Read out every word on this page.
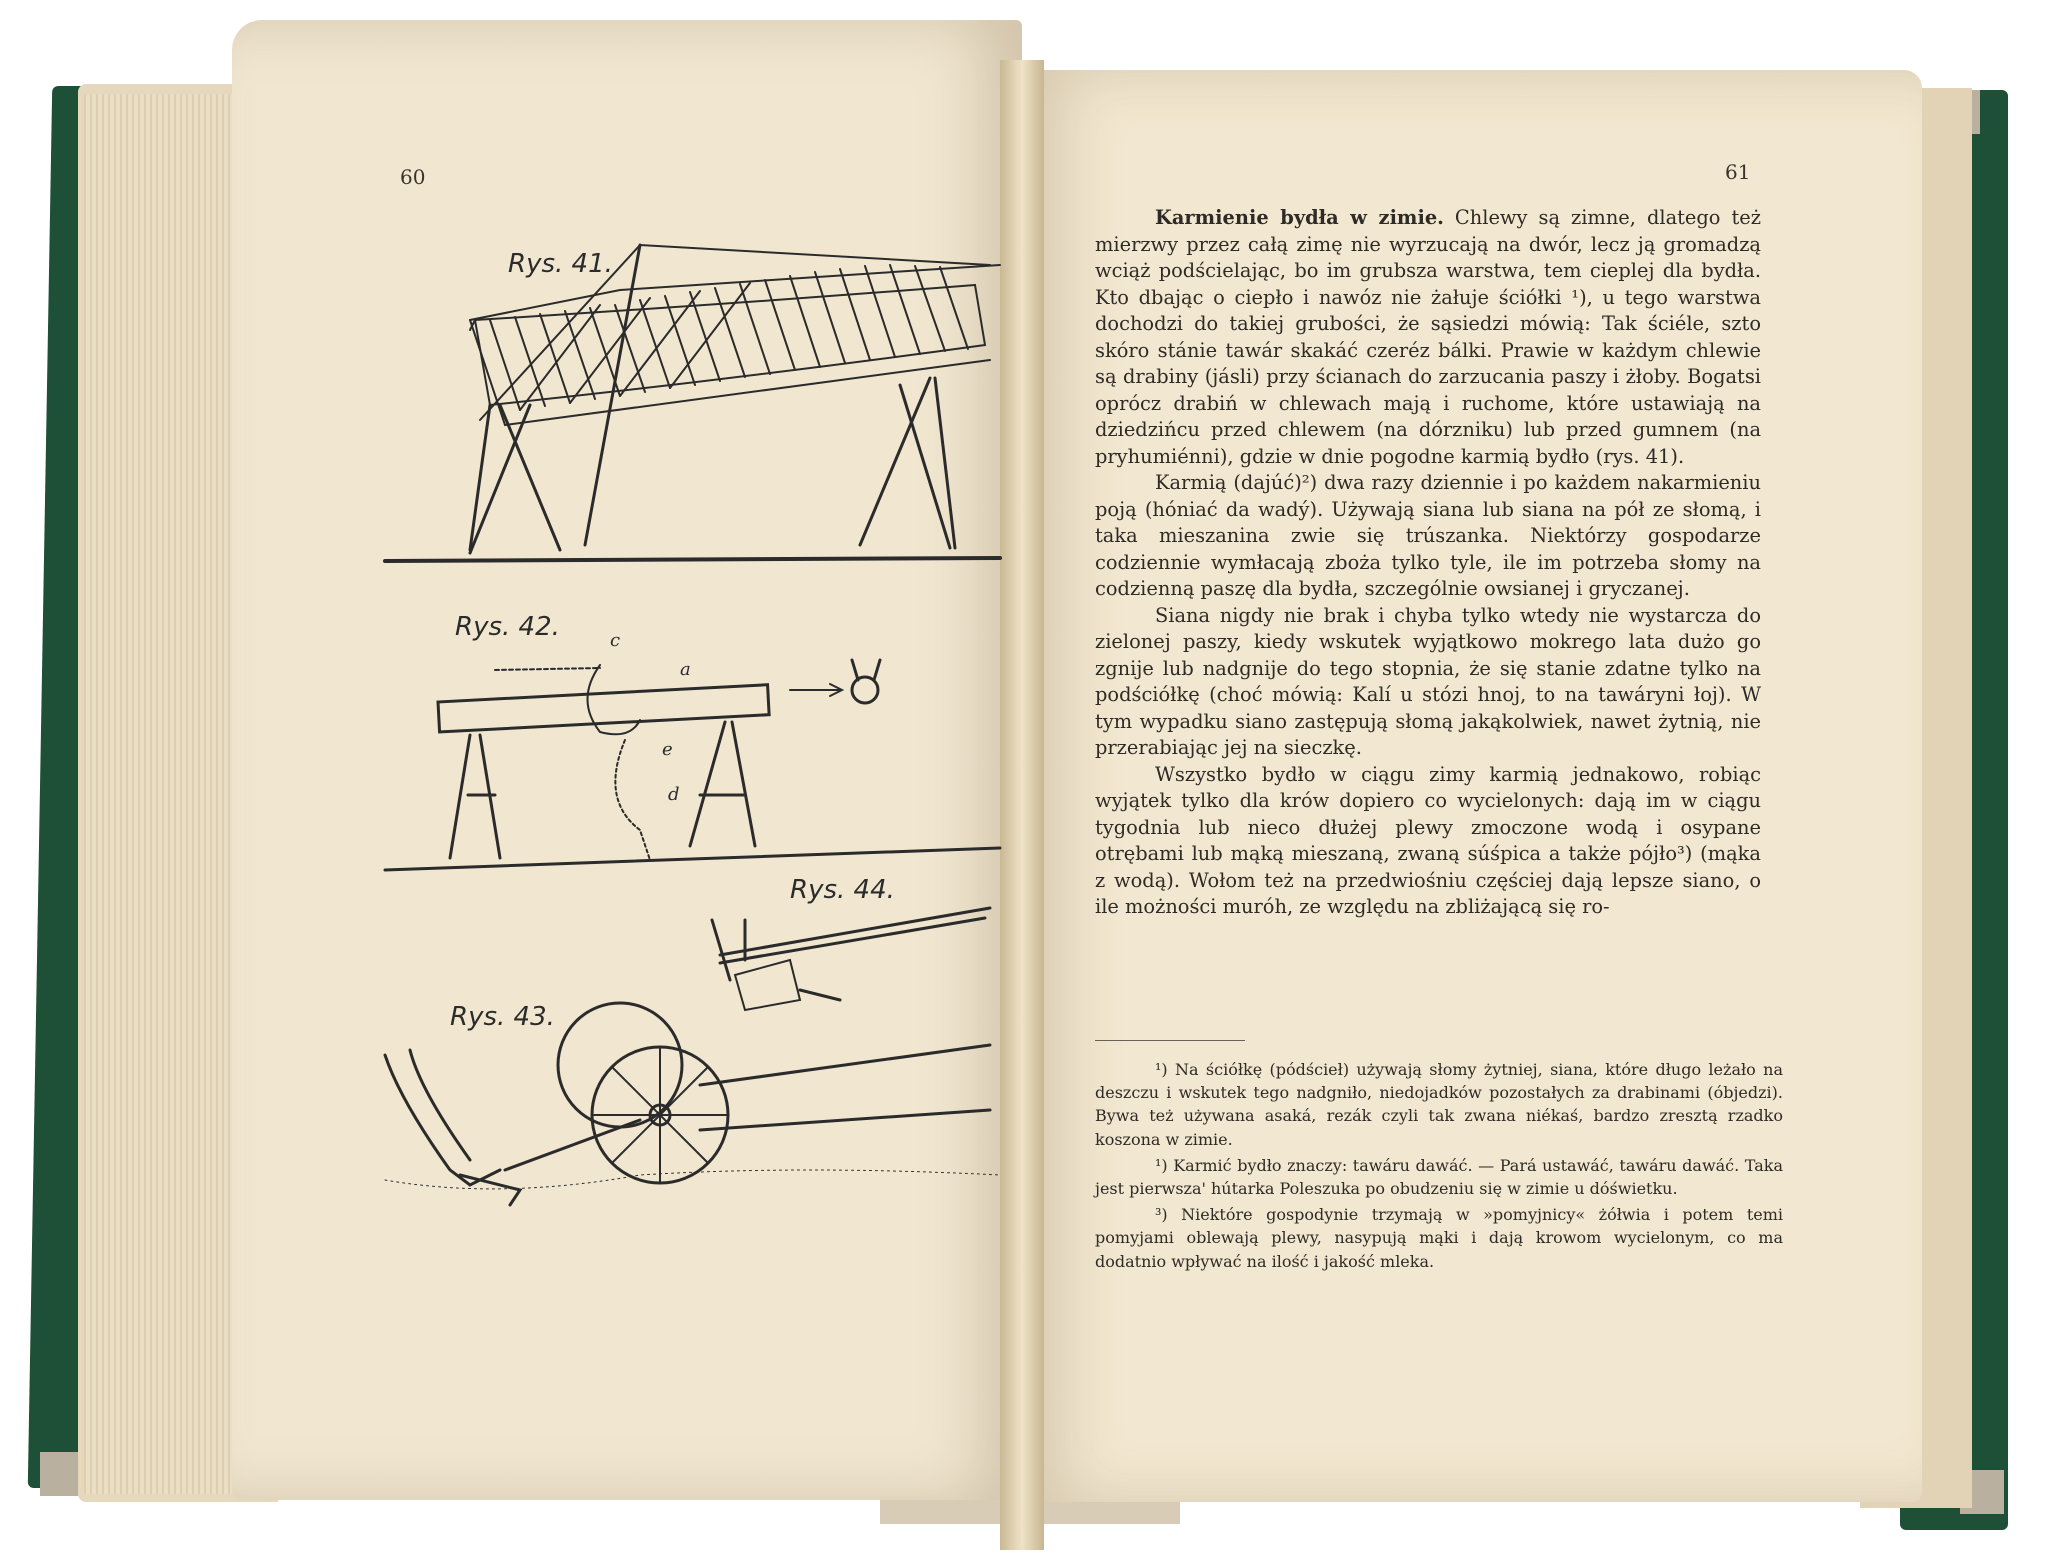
60	61
Rys. 41.
Rys. 42.
Rys. 44.
Rys. 43.
c
a
e
d

Karmienie bydła w zimie. Chlewy są zimne, dlatego też mierzwy przez całą zimę nie wyrzucają na dwór, lecz ją gromadzą wciąż podścielając, bo im grubsza warstwa, tem cieplej dla bydła. Kto dbając o ciepło i nawóz nie żałuje ściółki ¹), u tego warstwa dochodzi do takiej grubości, że sąsiedzi mówią: Tak ściéle, szto skóro stánie tawár skakáć czeréz bálki. Prawie w każdym chlewie są drabiny (jásli) przy ścianach do zarzucania paszy i żłoby. Bogatsi oprócz drabiń w chlewach mają i ruchome, które ustawiają na dziedzińcu przed chlewem (na dórzniku) lub przed gumnem (na pryhumiénni), gdzie w dnie pogodne karmią bydło (rys. 41).

Karmią (dajúć)²) dwa razy dziennie i po każdem nakarmieniu poją (hóniać da wadý). Używają siana lub siana na pół ze słomą, i taka mieszanina zwie się trúszanka. Niektórzy gospodarze codziennie wymłacają zboża tylko tyle, ile im potrzeba słomy na codzienną paszę dla bydła, szczególnie owsianej i gryczanej.

Siana nigdy nie brak i chyba tylko wtedy nie wystarcza do zielonej paszy, kiedy wskutek wyjątkowo mokrego lata dużo go zgnije lub nadgnije do tego stopnia, że się stanie zdatne tylko na podściółkę (choć mówią: Kalí u stózi hnoj, to na tawáryni łoj). W tym wypadku siano zastępują słomą jakąkolwiek, nawet żytnią, nie przerabiając jej na sieczkę.

Wszystko bydło w ciągu zimy karmią jednakowo, robiąc wyjątek tylko dla krów dopiero co wycielonych: dają im w ciągu tygodnia lub nieco dłużej plewy zmoczone wodą i osypane otrębami lub mąką mieszaną, zwaną súśpica a także pójło³) (mąka z wodą). Wołom też na przedwiośniu częściej dają lepsze siano, o ile możności muróh, ze względu na zbliżającą się ro-

¹) Na ściółkę (pódścieł) używają słomy żytniej, siana, które długo leżało na deszczu i wskutek tego nadgniło, niedojadków pozostałych za drabinami (óbjedzi). Bywa też używana asaká, rezák czyli tak zwana niékaś, bardzo zresztą rzadko koszona w zimie.

¹) Karmić bydło znaczy: tawáru dawáć. — Pará ustawáć, tawáru dawáć. Taka jest pierwsza' hútarka Poleszuka po obudzeniu się w zimie u dóświetku.

³) Niektóre gospodynie trzymają w »pomyjnicy« żółwia i potem temi pomyjami oblewają plewy, nasypują mąki i dają krowom wycielonym, co ma dodatnio wpływać na ilość i jakość mleka.
